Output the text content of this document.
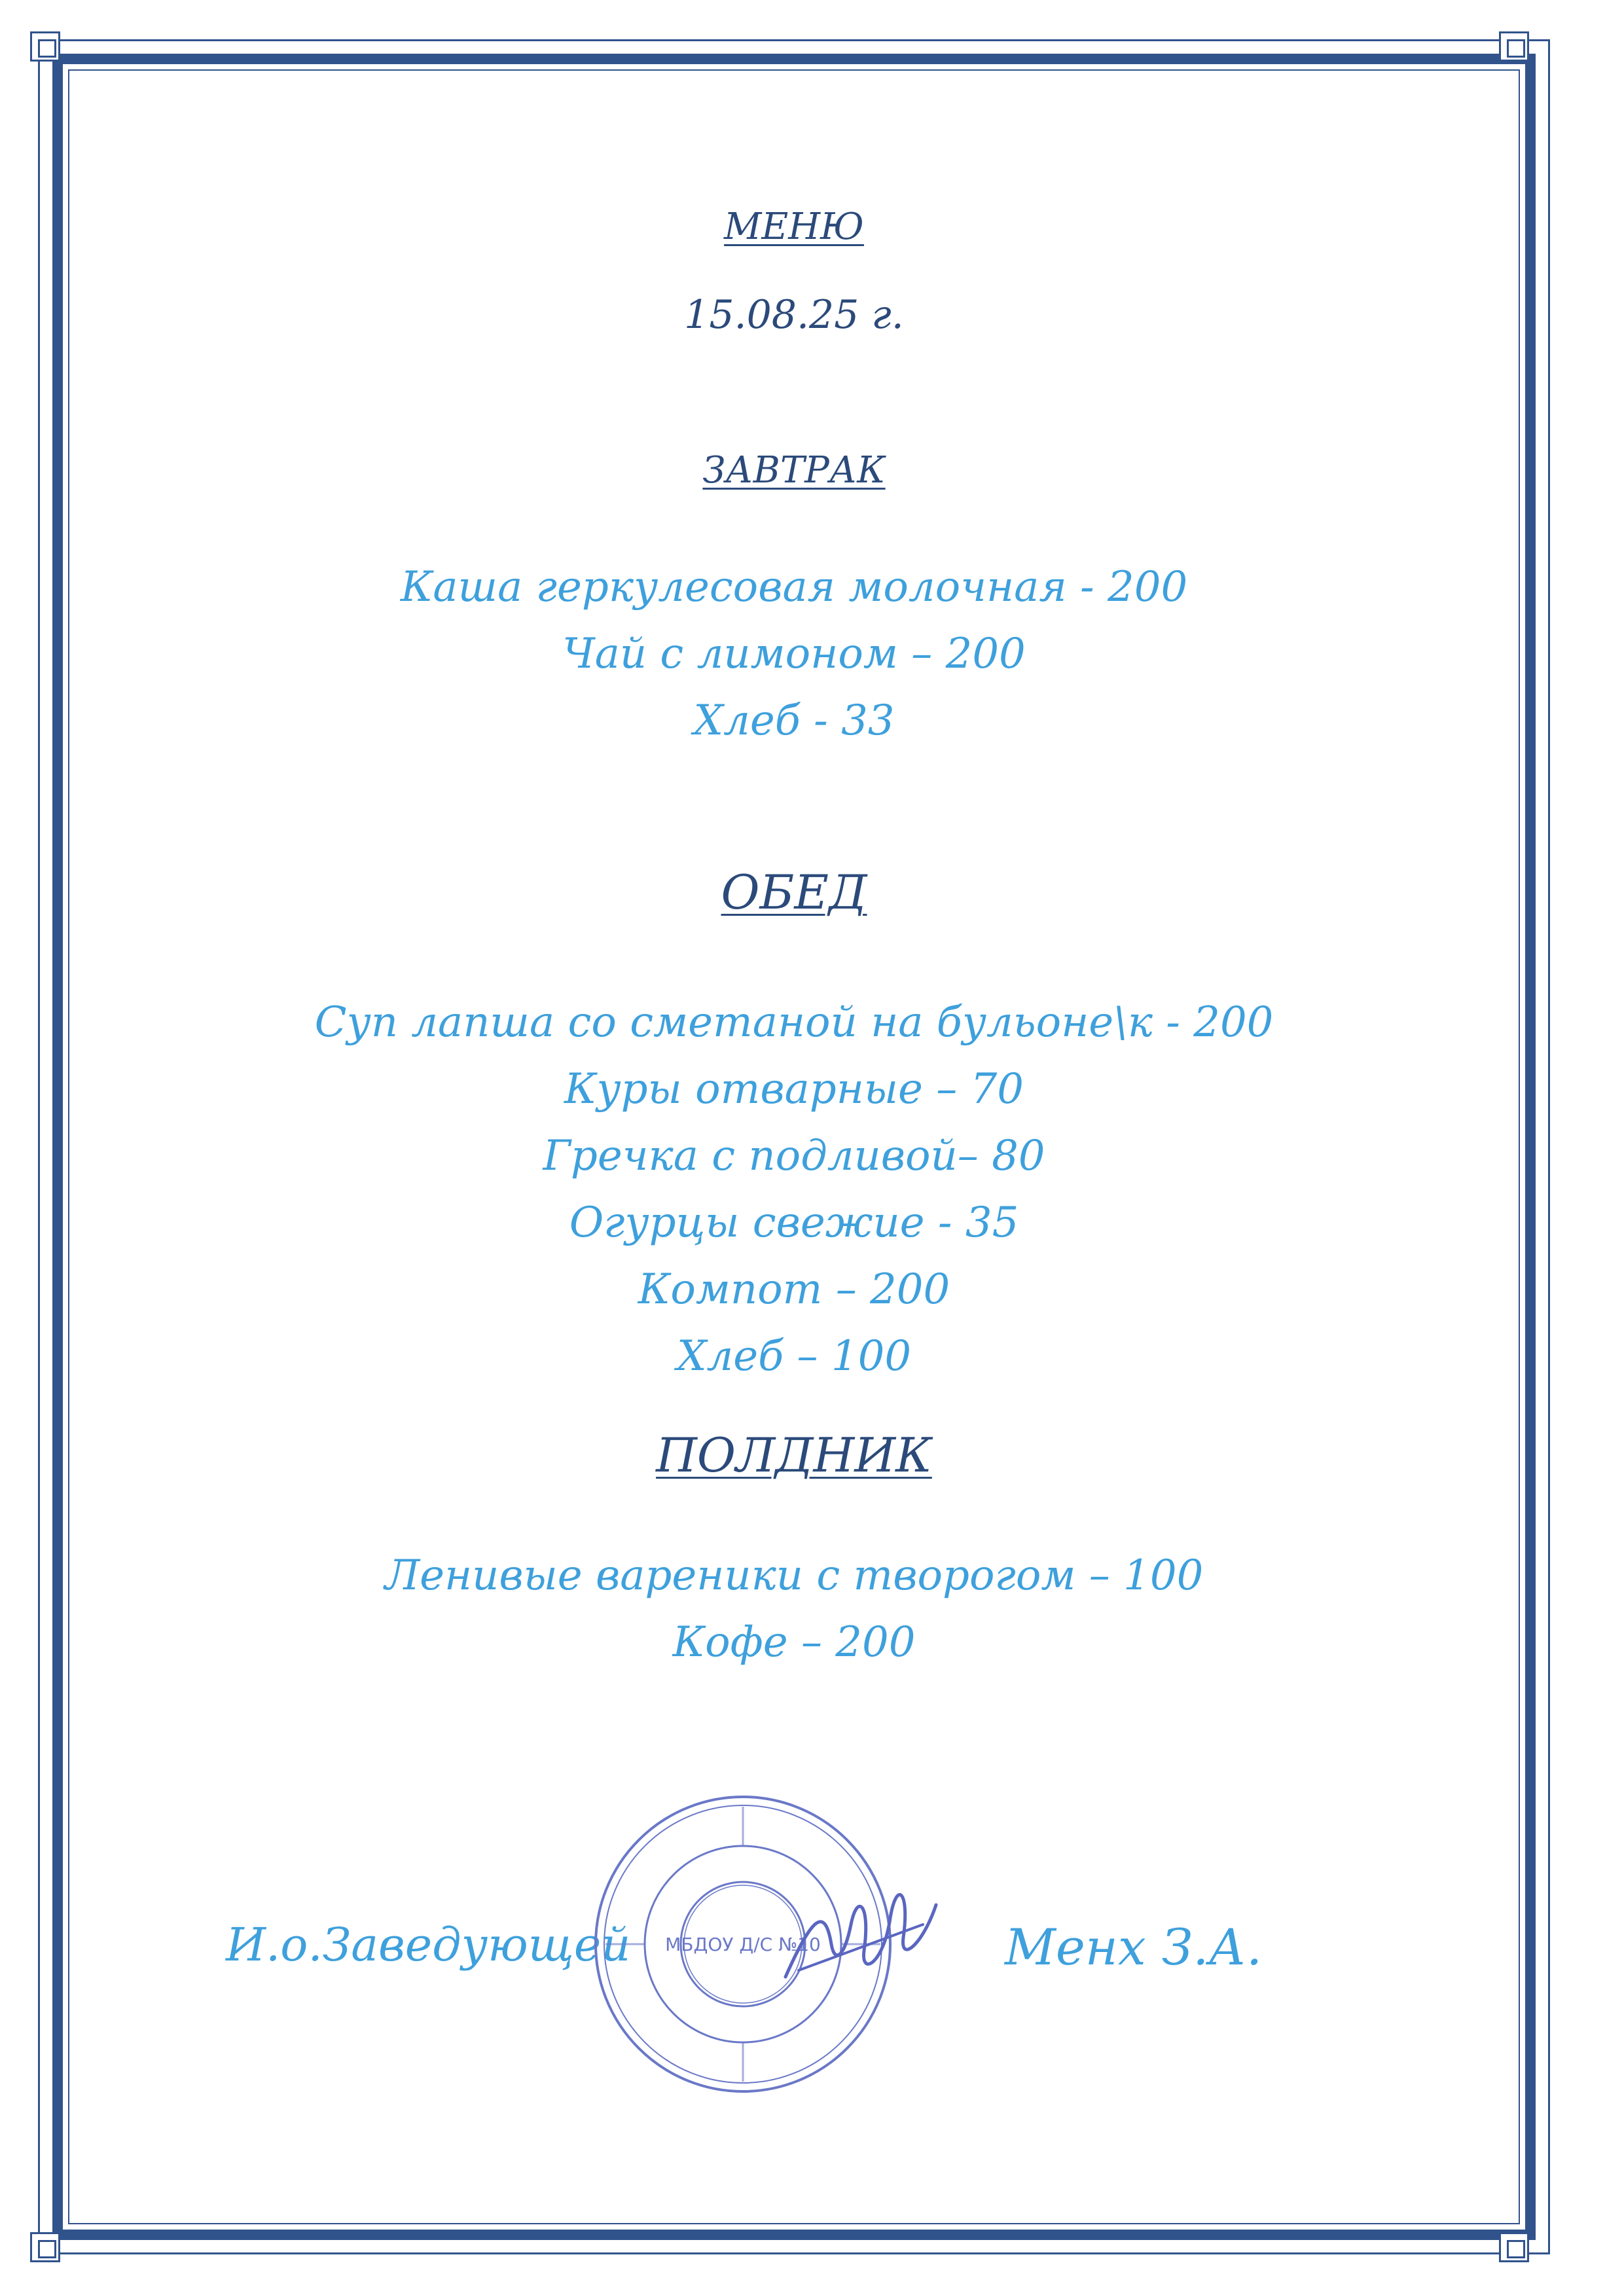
МЕНЮ
15.08.25 г.
ЗАВТРАК
Каша геркулесовая молочная - 200
Чай с лимоном – 200
Хлеб - 33
ОБЕД
Суп лапша со сметаной на бульоне\к - 200
Куры отварные – 70
Гречка с подливой– 80
Огурцы свежие - 35
Компот – 200
Хлеб – 100
ПОЛДНИК
Ленивые вареники с творогом – 100
Кофе – 200
И.о.Заведующей МБДОУ Д/С №10	Менх З.А.
